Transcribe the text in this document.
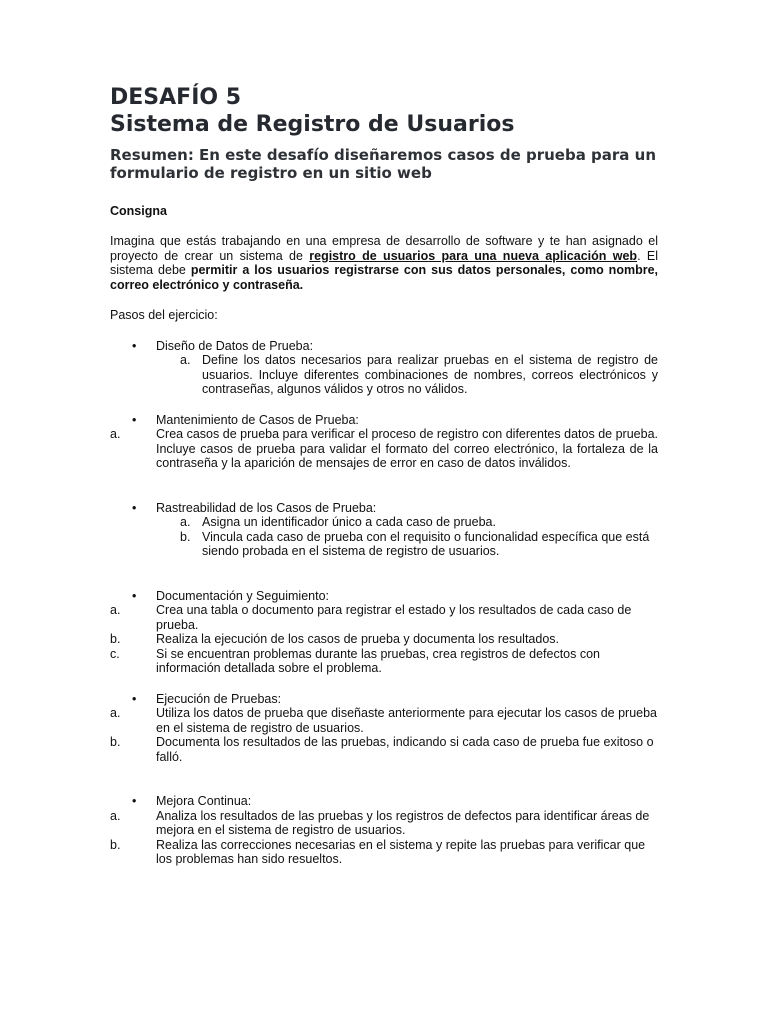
DESAFÍO 5
Sistema de Registro de Usuarios
Resumen: En este desafío diseñaremos casos de prueba para un formulario de registro en un sitio web
Consigna

Imagina que estás trabajando en una empresa de desarrollo de software y te han asignado el proyecto de crear un sistema de registro de usuarios para una nueva aplicación web. El sistema debe permitir a los usuarios registrarse con sus datos personales, como nombre, correo electrónico y contraseña.

Pasos del ejercicio:

• Diseño de Datos de Prueba:
a. Define los datos necesarios para realizar pruebas en el sistema de registro de usuarios. Incluye diferentes combinaciones de nombres, correos electrónicos y contraseñas, algunos válidos y otros no válidos.
• Mantenimiento de Casos de Prueba:
a.	Crea casos de prueba para verificar el proceso de registro con diferentes datos de prueba. Incluye casos de prueba para validar el formato del correo electrónico, la fortaleza de la contraseña y la aparición de mensajes de error en caso de datos inválidos.
• Rastreabilidad de los Casos de Prueba:
a. Asigna un identificador único a cada caso de prueba.
b. Vincula cada caso de prueba con el requisito o funcionalidad específica que está siendo probada en el sistema de registro de usuarios.
• Documentación y Seguimiento:
a.	Crea una tabla o documento para registrar el estado y los resultados de cada caso de prueba.
b.	Realiza la ejecución de los casos de prueba y documenta los resultados.
c.	Si se encuentran problemas durante las pruebas, crea registros de defectos con información detallada sobre el problema.
• Ejecución de Pruebas:
a.	Utiliza los datos de prueba que diseñaste anteriormente para ejecutar los casos de prueba en el sistema de registro de usuarios.
b.	Documenta los resultados de las pruebas, indicando si cada caso de prueba fue exitoso o falló.
• Mejora Continua:
a.	Analiza los resultados de las pruebas y los registros de defectos para identificar áreas de mejora en el sistema de registro de usuarios.
b.	Realiza las correcciones necesarias en el sistema y repite las pruebas para verificar que los problemas han sido resueltos.
